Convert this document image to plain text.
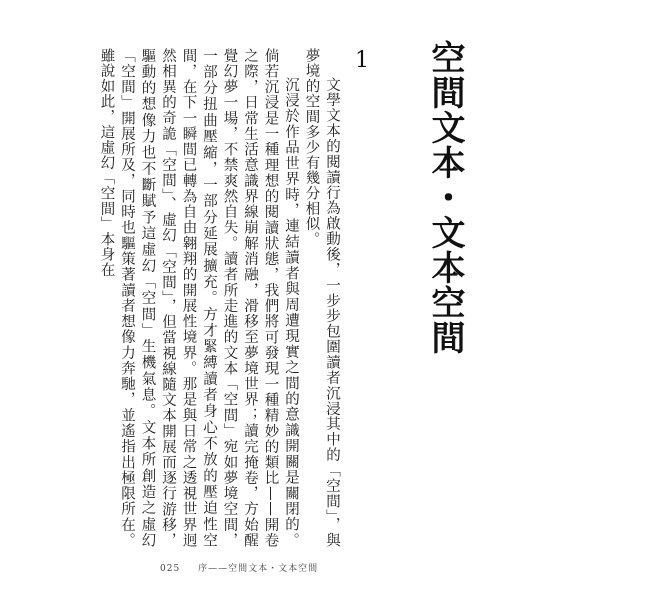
空間文本・文本空間
1

文學文本的閱讀行為啟動後，一步步包圍讀者沉浸其中的「空間」，與夢境的空間多少有幾分相似。

沉浸於作品世界時，連結讀者與周遭現實之間的意識開關是關閉的。倘若沉浸是一種理想的閱讀狀態，我們將可發現一種精妙的類比——開卷之際，日常生活意識界線崩解消融，滑移至夢境世界；讀完掩卷，方始醒覺幻夢一場，不禁爽然自失。讀者所走進的文本「空間」宛如夢境空間，一部分扭曲壓縮，一部分延展擴充。方才緊縛讀者身心不放的壓迫性空間，在下一瞬間已轉為自由翱翔的開展性境界。那是與日常之透視世界迥然相異的奇詭「空間」、虛幻「空間」，但當視線隨文本開展而逐行游移，驅動的想像力也不斷賦予這虛幻「空間」生機氣息。文本所創造之虛幻「空間」開展所及，同時也驅策著讀者想像力奔馳，並遙指出極限所在。雖說如此，這虛幻「空間」本身在

025 序——空間文本・文本空間
